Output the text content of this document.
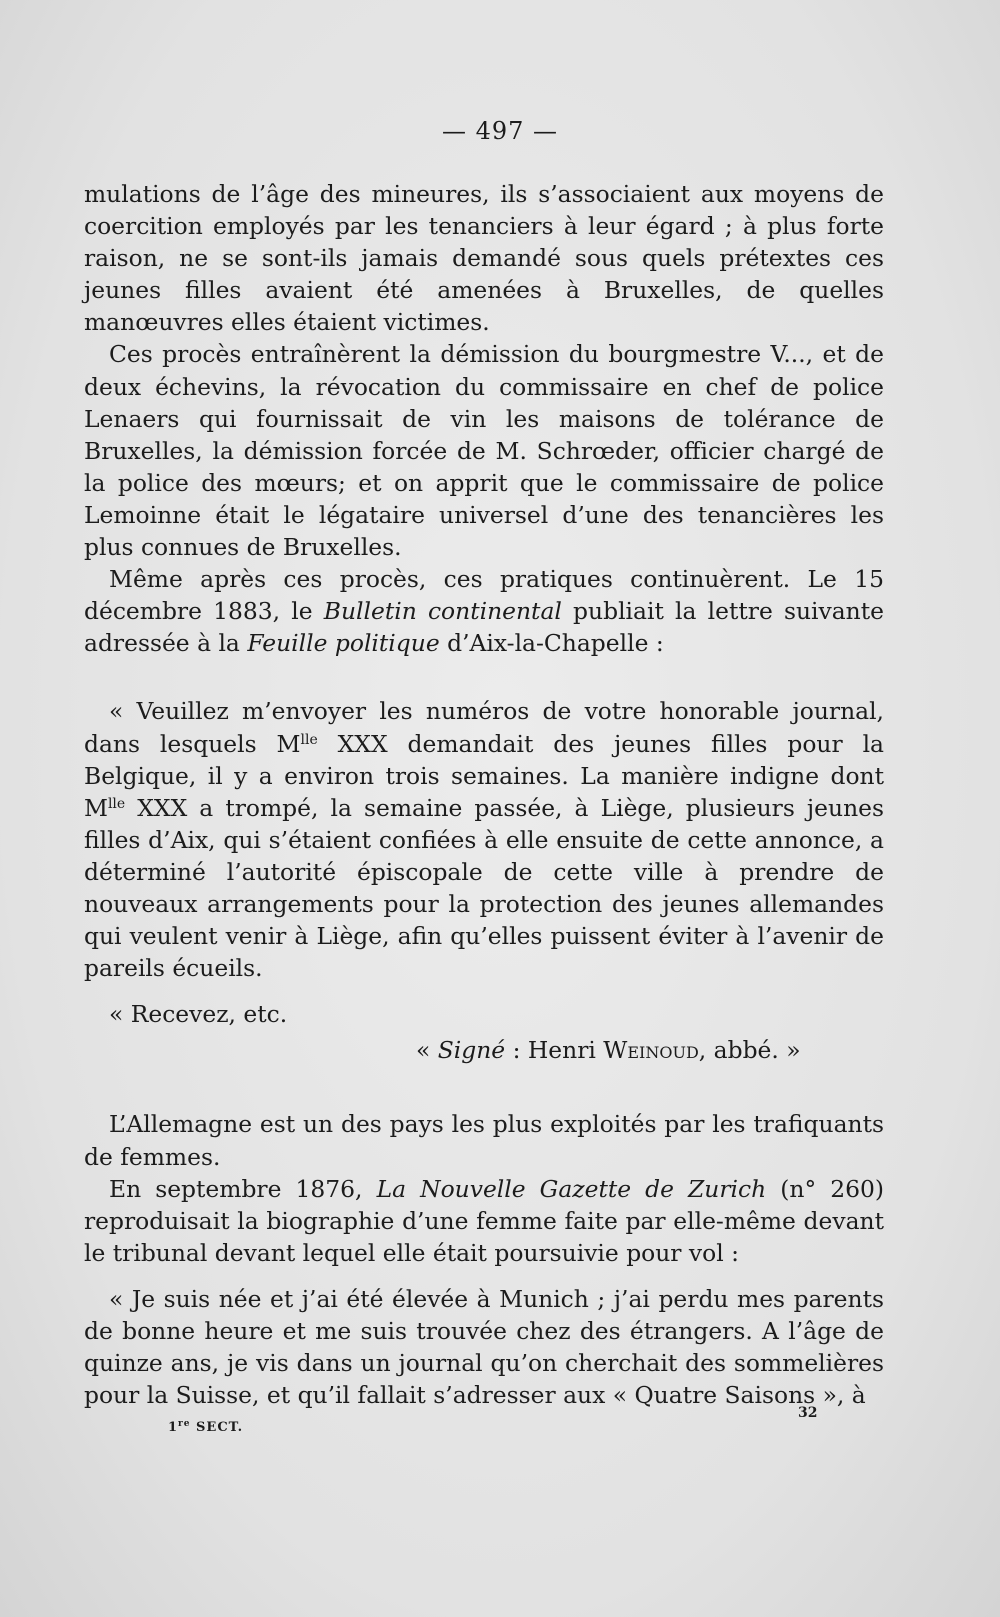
— 497 —

mulations de l’âge des mineures, ils s’associaient aux moyens de coercition employés par les tenanciers à leur égard ; à plus forte raison, ne se sont-ils jamais demandé sous quels prétextes ces jeunes filles avaient été amenées à Bruxelles, de quelles manœuvres elles étaient victimes.

Ces procès entraînèrent la démission du bourgmestre V..., et de deux échevins, la révocation du commissaire en chef de police Lenaers qui fournissait de vin les maisons de tolérance de Bruxelles, la démission forcée de M. Schrœder, officier chargé de la police des mœurs; et on apprit que le commissaire de police Lemoinne était le légataire universel d’une des tenancières les plus connues de Bruxelles.

Même après ces procès, ces pratiques continuèrent. Le 15 décembre 1883, le Bulletin continental publiait la lettre suivante adressée à la Feuille politique d’Aix-la-Chapelle :

« Veuillez m’envoyer les numéros de votre honorable journal, dans lesquels $M^{lle}$ XXX demandait des jeunes filles pour la Belgique, il y a environ trois semaines. La manière indigne dont $M^{lle}$ XXX a trompé, la semaine passée, à Liège, plusieurs jeunes filles d’Aix, qui s’étaient confiées à elle ensuite de cette annonce, a déterminé l’autorité épiscopale de cette ville à prendre de nouveaux arrangements pour la protection des jeunes allemandes qui veulent venir à Liège, afin qu’elles puissent éviter à l’avenir de pareils écueils.

« Recevez, etc.

« Signé : Henri Weinoud, abbé. »

L’Allemagne est un des pays les plus exploités par les trafiquants de femmes.

En septembre 1876, La Nouvelle Gazette de Zurich (n° 260) reproduisait la biographie d’une femme faite par elle-même devant le tribunal devant lequel elle était poursuivie pour vol :

« Je suis née et j’ai été élevée à Munich ; j’ai perdu mes parents de bonne heure et me suis trouvée chez des étrangers. A l’âge de quinze ans, je vis dans un journal qu’on cherchait des sommelières pour la Suisse, et qu’il fallait s’adresser aux « Quatre Saisons », à

1re SECT.
32
